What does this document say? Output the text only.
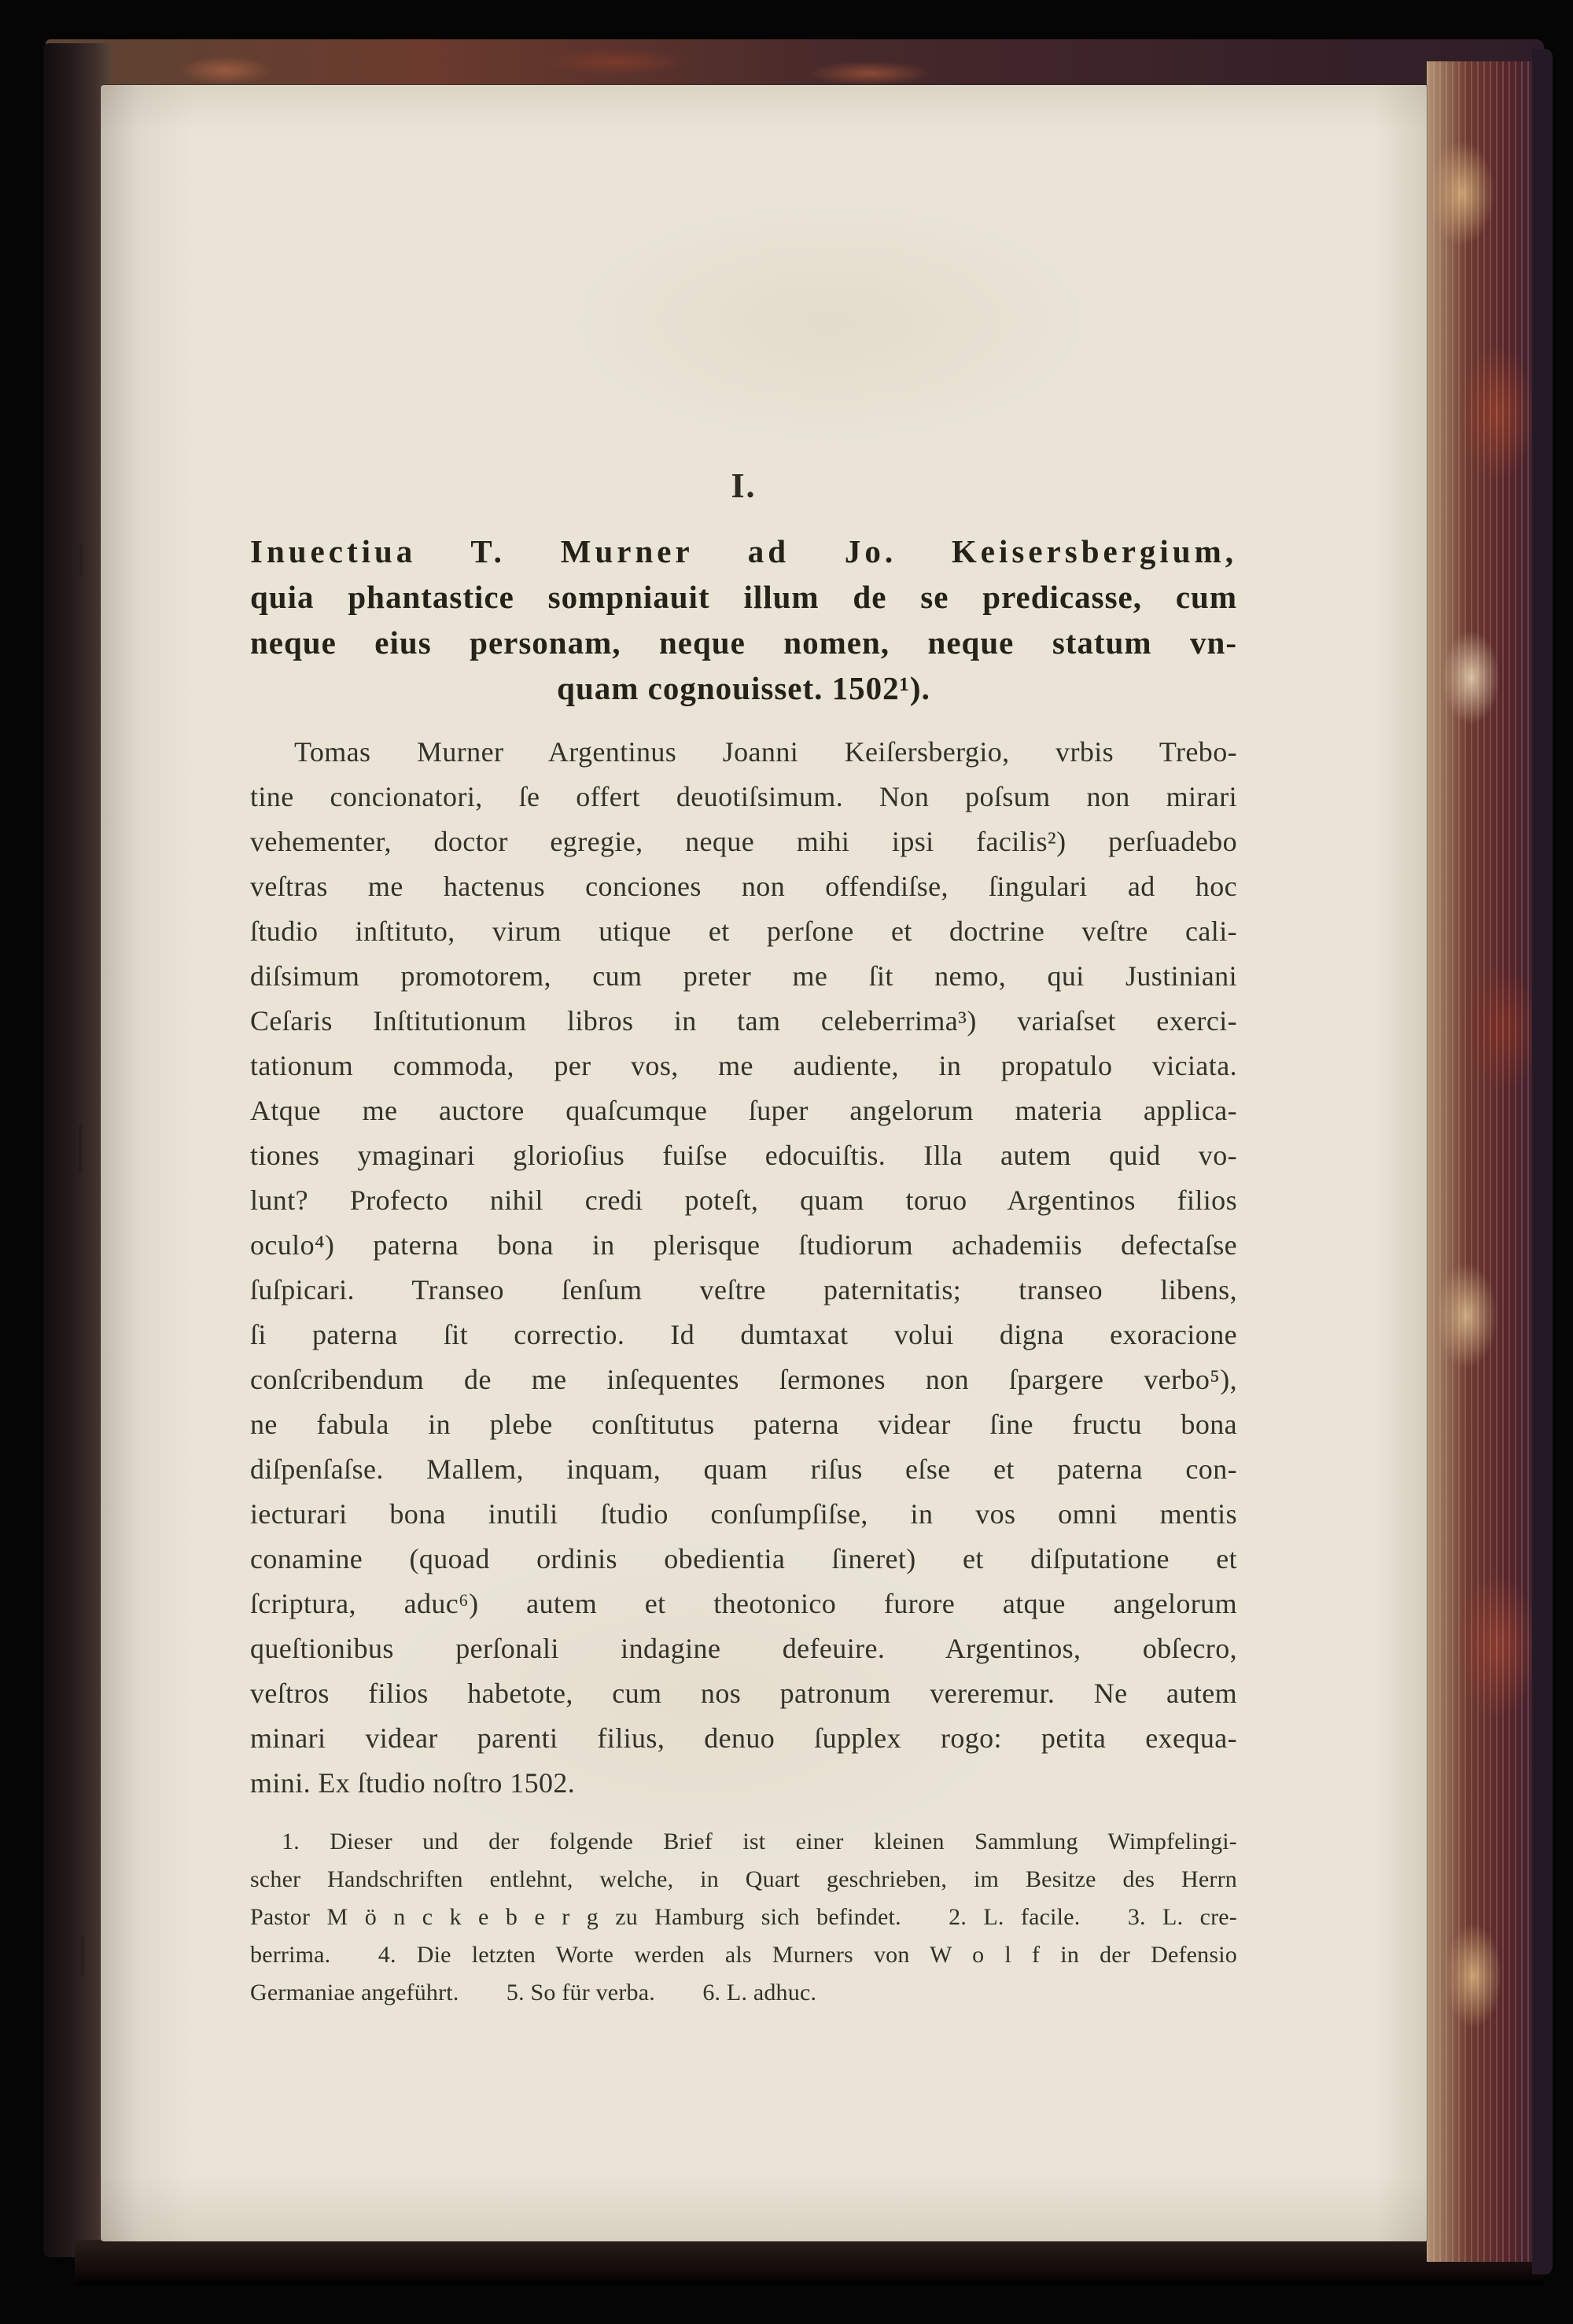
I.
Inuectiua T. Murner ad Jo. Keisersbergium,
quia phantastice sompniauit illum de se predicasse, cum
neque eius personam, neque nomen, neque statum vn-
quam cognouisset. 1502¹).
Tomas Murner Argentinus Joanni Keiſersbergio, vrbis Trebo-
tine concionatori, ſe offert deuotiſsimum. Non poſsum non mirari
vehementer, doctor egregie, neque mihi ipsi facilis²) perſuadebo
veſtras me hactenus conciones non offendiſse, ſingulari ad hoc
ſtudio inſtituto, virum utique et perſone et doctrine veſtre cali-
diſsimum promotorem, cum preter me ſit nemo, qui Justiniani
Ceſaris Inſtitutionum libros in tam celeberrima³) variaſset exerci-
tationum commoda, per vos, me audiente, in propatulo viciata.
Atque me auctore quaſcumque ſuper angelorum materia applica-
tiones ymaginari glorioſius fuiſse edocuiſtis. Illa autem quid vo-
lunt? Profecto nihil credi poteſt, quam toruo Argentinos filios
oculo⁴) paterna bona in plerisque ſtudiorum achademiis defectaſse
ſuſpicari. Transeo ſenſum veſtre paternitatis; transeo libens,
ſi paterna ſit correctio. Id dumtaxat volui digna exoracione
conſcribendum de me inſequentes ſermones non ſpargere verbo⁵),
ne fabula in plebe conſtitutus paterna videar ſine fructu bona
diſpenſaſse. Mallem, inquam, quam riſus eſse et paterna con-
iecturari bona inutili ſtudio conſumpſiſse, in vos omni mentis
conamine (quoad ordinis obedientia ſineret) et diſputatione et
ſcriptura, aduc⁶) autem et theotonico furore atque angelorum
queſtionibus perſonali indagine defeuire. Argentinos, obſecro,
veſtros filios habetote, cum nos patronum vereremur. Ne autem
minari videar parenti filius, denuo ſupplex rogo: petita exequa-
mini. Ex ſtudio noſtro 1502.
1. Dieser und der folgende Brief ist einer kleinen Sammlung Wimpfelingi-
scher Handschriften entlehnt, welche, in Quart geschrieben, im Besitze des Herrn
Pastor M ö n c k e b e r g zu Hamburg sich befindet.  2. L. facile.  3. L. cre-
berrima.  4. Die letzten Worte werden als Murners von W o l f in der Defensio
Germaniae angeführt.  5. So für verba.  6. L. adhuc.
